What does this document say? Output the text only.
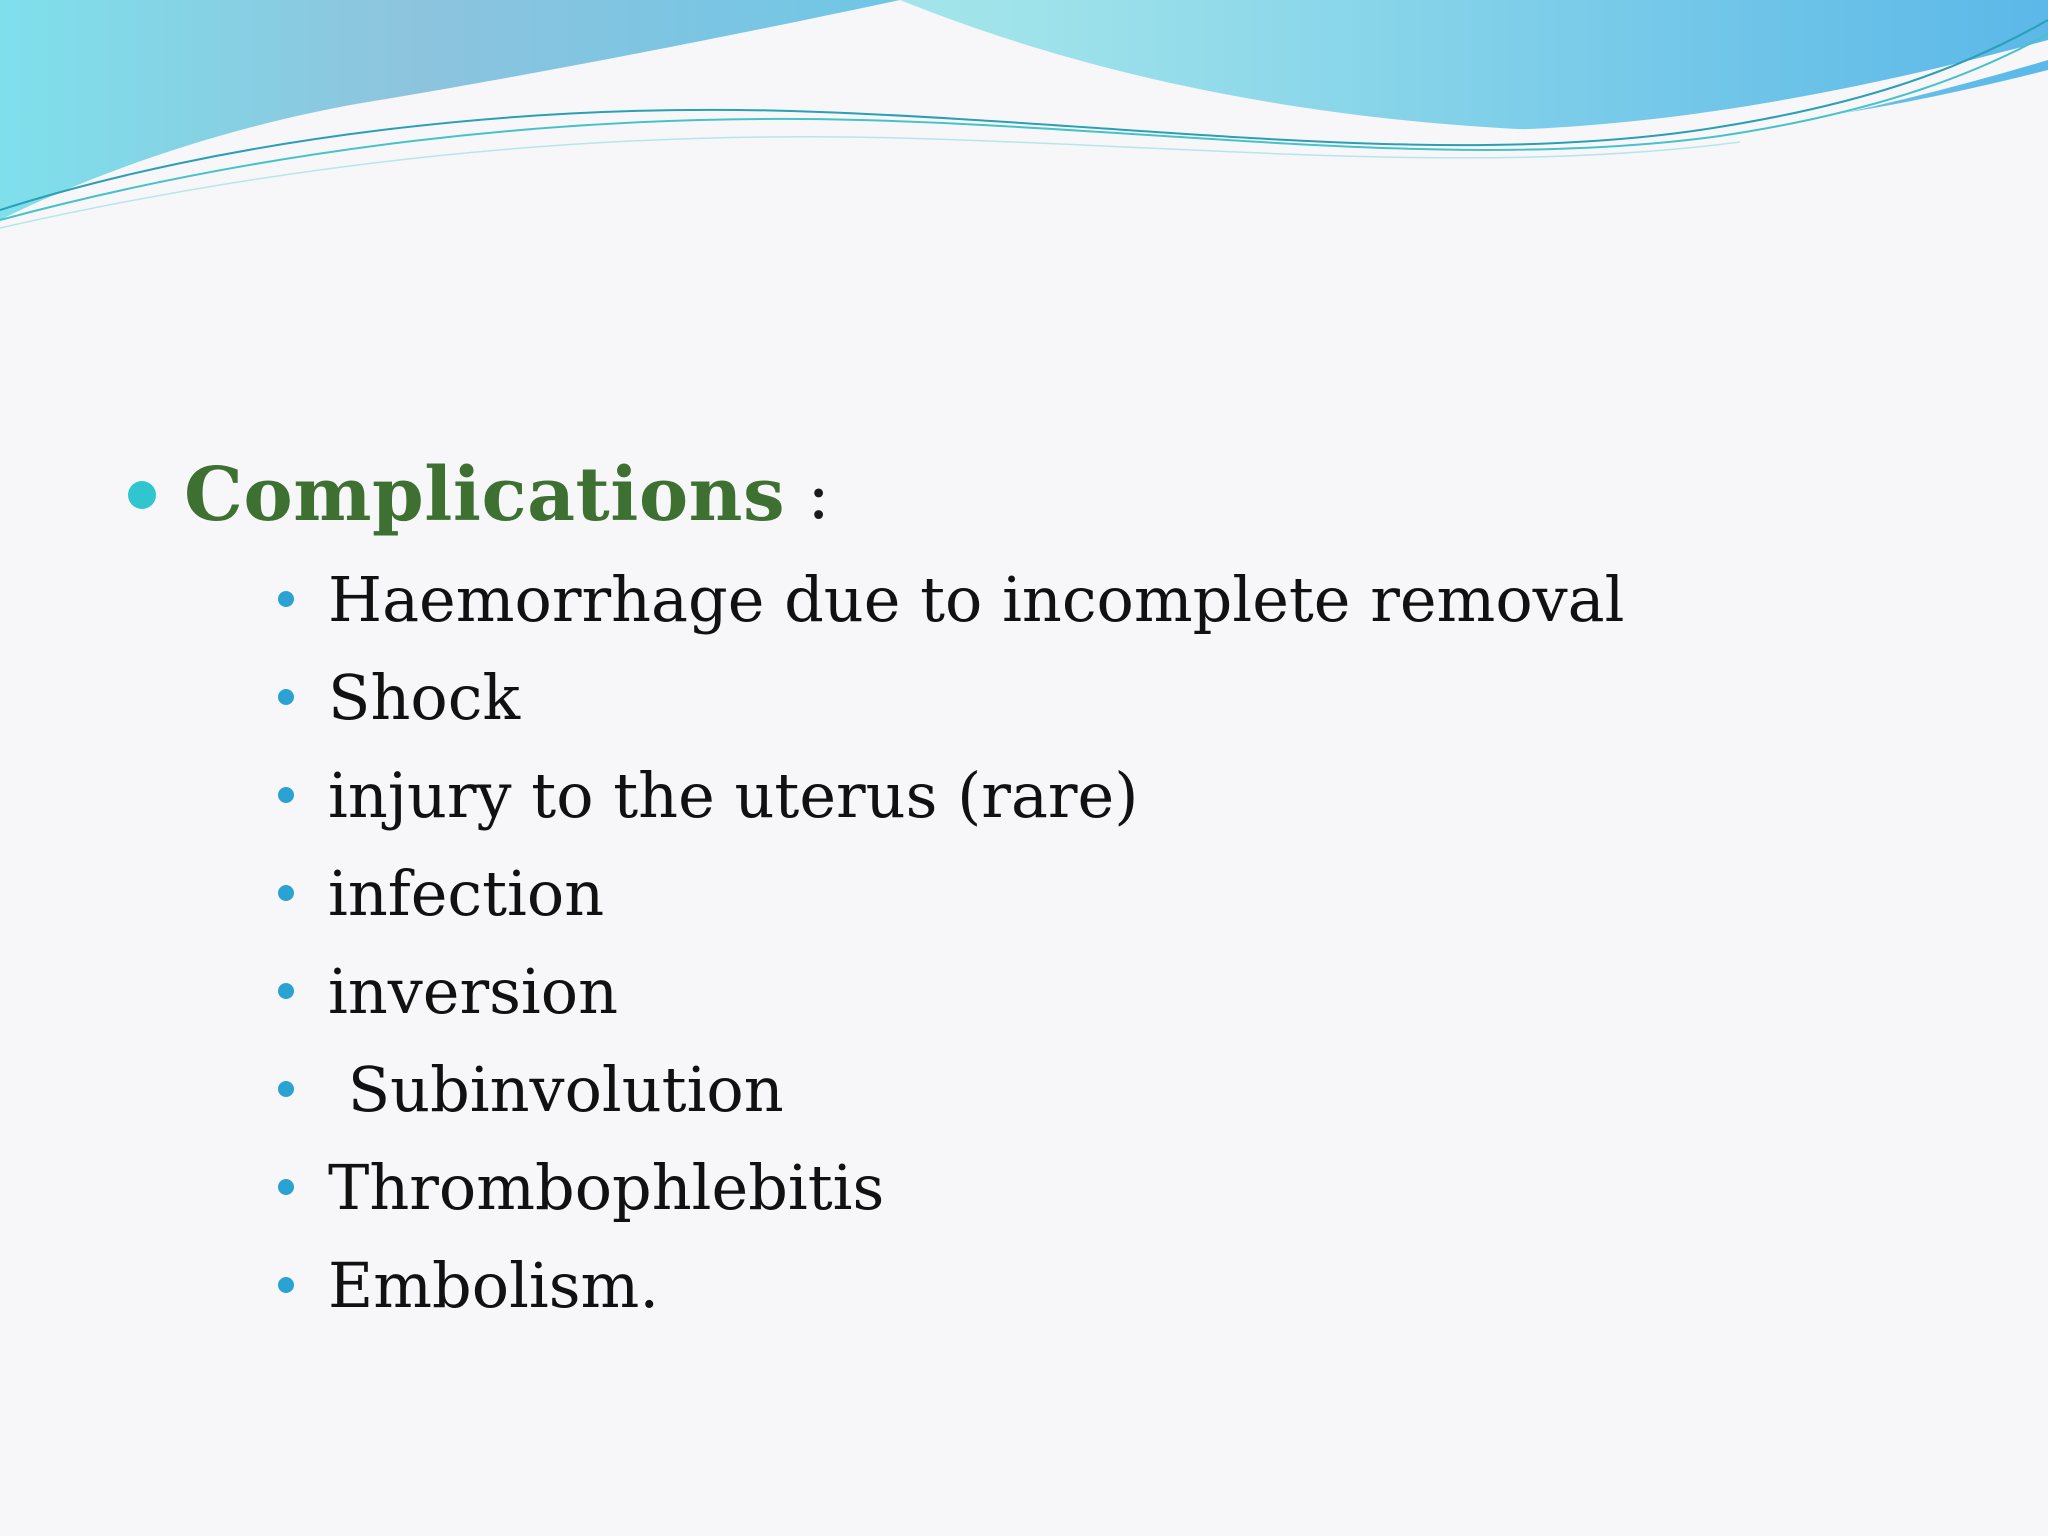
Complications :
Haemorrhage due to incomplete removal
Shock
injury to the uterus (rare)
infection
inversion
Subinvolution
Thrombophlebitis
Embolism.
